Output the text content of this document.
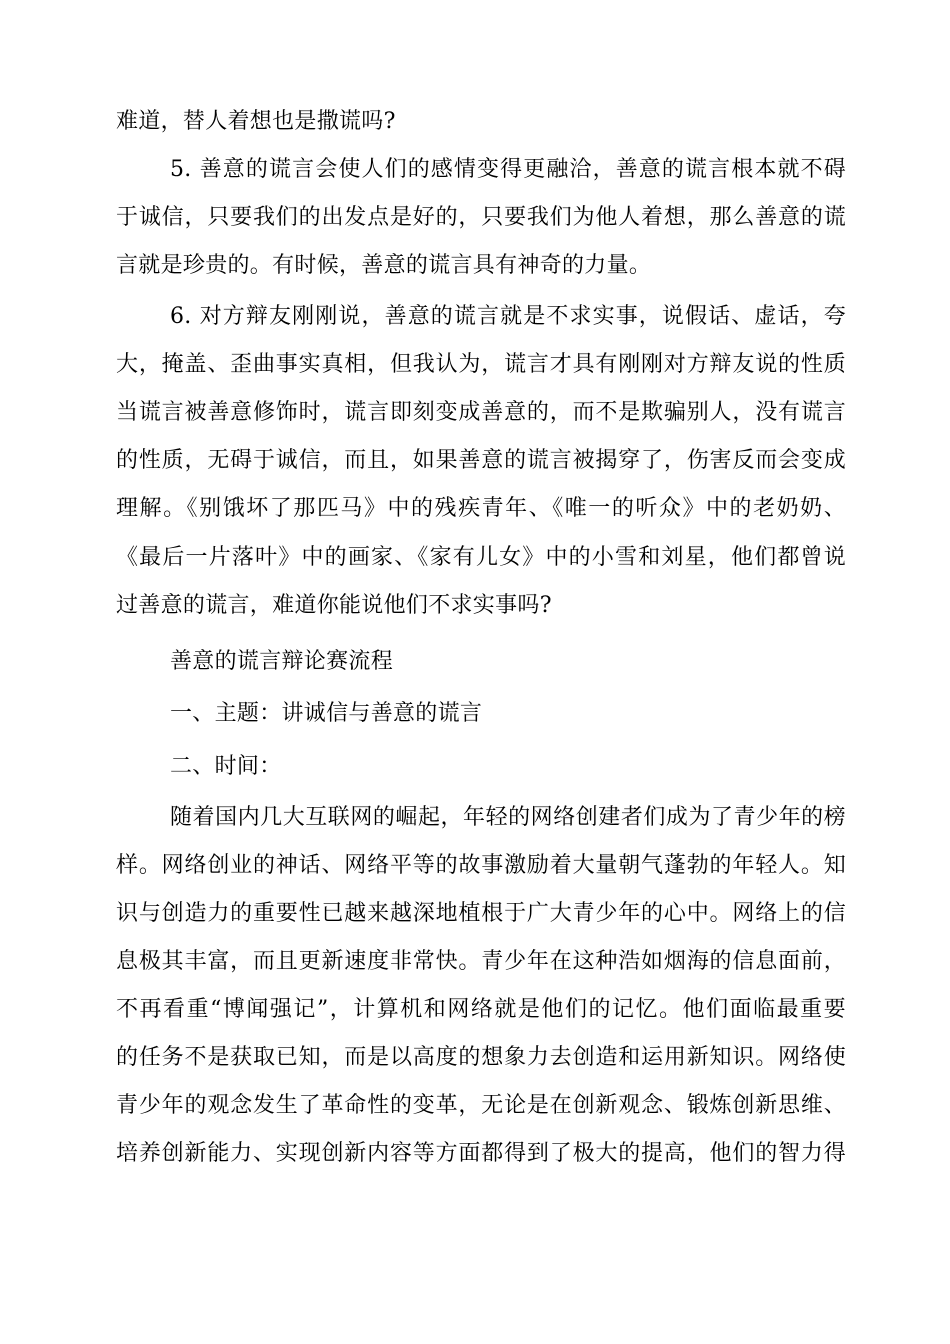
难道，替人着想也是撒谎吗?
5. 善意的谎言会使人们的感情变得更融洽，善意的谎言根本就不碍
于诚信，只要我们的出发点是好的，只要我们为他人着想，那么善意的谎
言就是珍贵的。有时候，善意的谎言具有神奇的力量。
6. 对方辩友刚刚说，善意的谎言就是不求实事，说假话、虚话，夸
大，掩盖、歪曲事实真相，但我认为，谎言才具有刚刚对方辩友说的性质
当谎言被善意修饰时，谎言即刻变成善意的，而不是欺骗别人，没有谎言
的性质，无碍于诚信，而且，如果善意的谎言被揭穿了，伤害反而会变成
理解。《别饿坏了那匹马》中的残疾青年、《唯一的听众》中的老奶奶、
《最后一片落叶》中的画家、《家有儿女》中的小雪和刘星，他们都曾说
过善意的谎言，难道你能说他们不求实事吗?
善意的谎言辩论赛流程
一、主题：讲诚信与善意的谎言
二、时间：
随着国内几大互联网的崛起，年轻的网络创建者们成为了青少年的榜
样。网络创业的神话、网络平等的故事激励着大量朝气蓬勃的年轻人。知
识与创造力的重要性已越来越深地植根于广大青少年的心中。网络上的信
息极其丰富，而且更新速度非常快。青少年在这种浩如烟海的信息面前，
不再看重“博闻强记”，计算机和网络就是他们的记忆。他们面临最重要
的任务不是获取已知，而是以高度的想象力去创造和运用新知识。网络使
青少年的观念发生了革命性的变革，无论是在创新观念、锻炼创新思维、
培养创新能力、实现创新内容等方面都得到了极大的提高，他们的智力得
